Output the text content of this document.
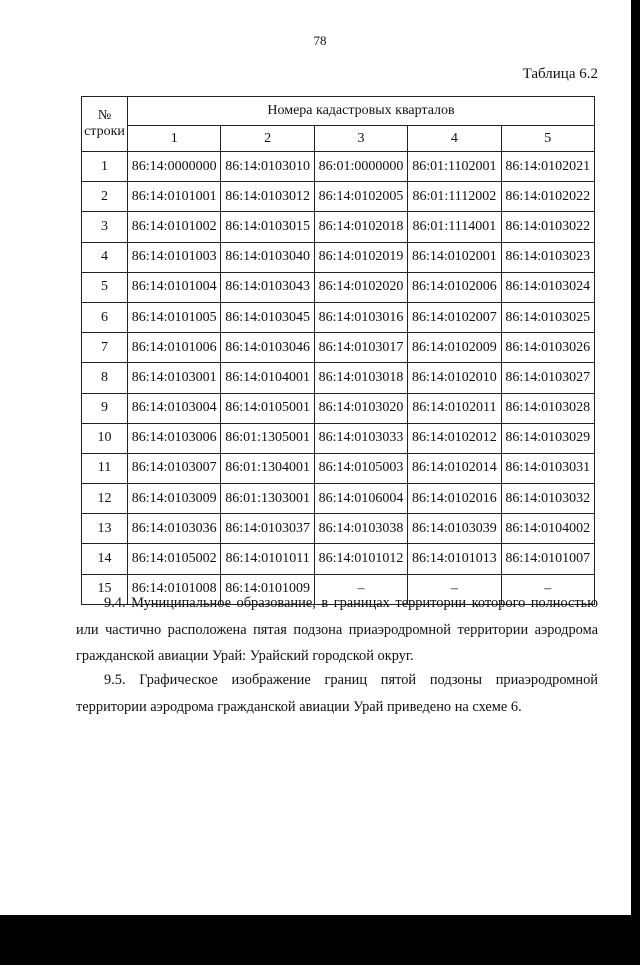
78
Таблица 6.2
№
строки	Номера кадастровых кварталов				
	1	2	3	4	5
1	86:14:0000000	86:14:0103010	86:01:0000000	86:01:1102001	86:14:0102021
2	86:14:0101001	86:14:0103012	86:14:0102005	86:01:1112002	86:14:0102022
3	86:14:0101002	86:14:0103015	86:14:0102018	86:01:1114001	86:14:0103022
4	86:14:0101003	86:14:0103040	86:14:0102019	86:14:0102001	86:14:0103023
5	86:14:0101004	86:14:0103043	86:14:0102020	86:14:0102006	86:14:0103024
6	86:14:0101005	86:14:0103045	86:14:0103016	86:14:0102007	86:14:0103025
7	86:14:0101006	86:14:0103046	86:14:0103017	86:14:0102009	86:14:0103026
8	86:14:0103001	86:14:0104001	86:14:0103018	86:14:0102010	86:14:0103027
9	86:14:0103004	86:14:0105001	86:14:0103020	86:14:0102011	86:14:0103028
10	86:14:0103006	86:01:1305001	86:14:0103033	86:14:0102012	86:14:0103029
11	86:14:0103007	86:01:1304001	86:14:0105003	86:14:0102014	86:14:0103031
12	86:14:0103009	86:01:1303001	86:14:0106004	86:14:0102016	86:14:0103032
13	86:14:0103036	86:14:0103037	86:14:0103038	86:14:0103039	86:14:0104002
14	86:14:0105002	86:14:0101011	86:14:0101012	86:14:0101013	86:14:0101007
15	86:14:0101008	86:14:0101009	–	–	–
9.4. Муниципальное образование, в границах территории которого полностью или частично расположена пятая подзона приаэродромной территории аэродрома гражданской авиации Урай: Урайский городской округ.
9.5. Графическое изображение границ пятой подзоны приаэродромной территории аэродрома гражданской авиации Урай приведено на схеме 6.
